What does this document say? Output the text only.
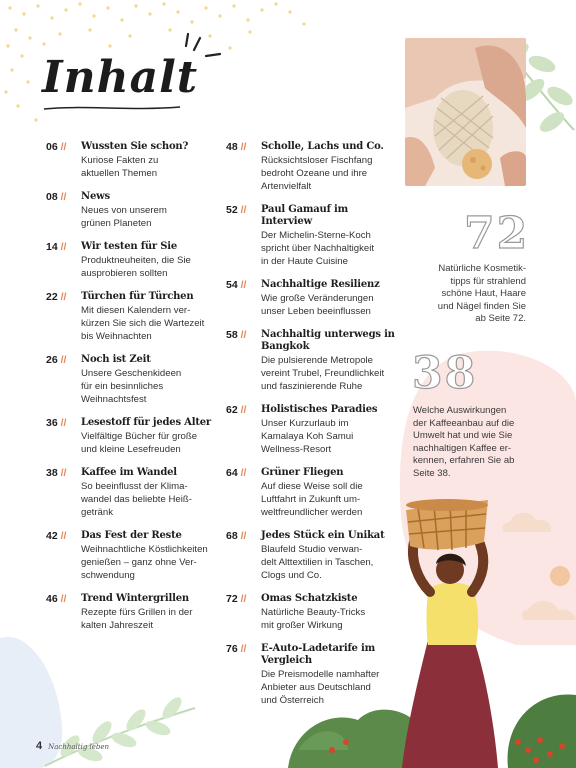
Inhalt
06 //	Wussten Sie schon?
Kuriose Fakten zu
aktuellen Themen
08 //	News
Neues von unserem
grünen Planeten
14 //	Wir testen für Sie
Produktneuheiten, die Sie
ausprobieren sollten
22 //	Türchen für Türchen
Mit diesen Kalendern ver-
kürzen Sie sich die Wartezeit
bis Weihnachten
26 //	Noch ist Zeit
Unsere Geschenkideen
für ein besinnliches
Weihnachtsfest
36 //	Lesestoff für jedes Alter
Vielfältige Bücher für große
und kleine Lesefreuden
38 //	Kaffee im Wandel
So beeinflusst der Klima-
wandel das beliebte Heiß-
getränk
42 //	Das Fest der Reste
Weihnachtliche Köstlichkeiten
genießen – ganz ohne Ver-
schwendung
46 //	Trend Wintergrillen
Rezepte fürs Grillen in der
kalten Jahreszeit
48 //	Scholle, Lachs und Co.
Rücksichtsloser Fischfang
bedroht Ozeane und ihre
Artenvielfalt
52 //	Paul Gamauf im Interview
Der Michelin-Sterne-Koch
spricht über Nachhaltigkeit
in der Haute Cuisine
54 //	Nachhaltige Resilienz
Wie große Veränderungen
unser Leben beeinflussen
58 //	Nachhaltig unterwegs in Bangkok
Die pulsierende Metropole
vereint Trubel, Freundlichkeit
und faszinierende Ruhe
62 //	Holistisches Paradies
Unser Kurzurlaub im
Kamalaya Koh Samui
Wellness-Resort
64 //	Grüner Fliegen
Auf diese Weise soll die
Luftfahrt in Zukunft um-
weltfreundlicher werden
68 //	Jedes Stück ein Unikat
Blaufeld Studio verwan-
delt Alttextilien in Taschen,
Clogs und Co.
72 //	Omas Schatzkiste
Natürliche Beauty-Tricks
mit großer Wirkung
76 //	E-Auto-Ladetarife im Vergleich
Die Preismodelle namhafter
Anbieter aus Deutschland
und Österreich
72
Natürliche Kosmetik-
tipps für strahlend
schöne Haut, Haare
und Nägel finden Sie
ab Seite 72.
38
Welche Auswirkungen
der Kaffeeanbau auf die
Umwelt hat und wie Sie
nachhaltigen Kaffee er-
kennen, erfahren Sie ab
Seite 38.
4 Nachhaltig leben
